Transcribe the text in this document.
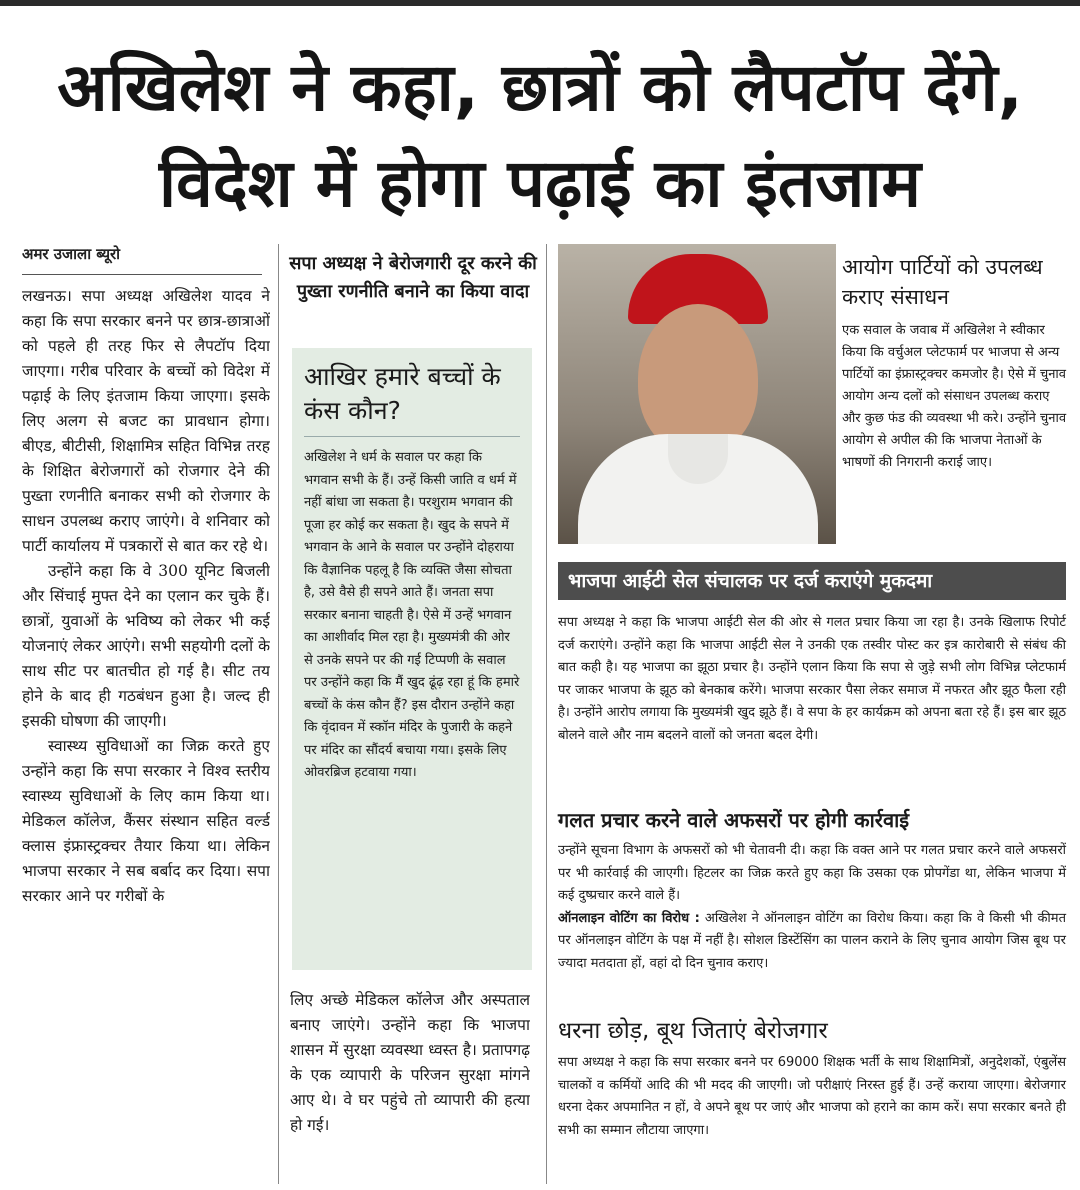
अखिलेश ने कहा, छात्रों को लैपटॉप देंगे, विदेश में होगा पढ़ाई का इंतजाम
अमर उजाला ब्यूरो

लखनऊ। सपा अध्यक्ष अखिलेश यादव ने कहा कि सपा सरकार बनने पर छात्र-छात्राओं को पहले ही तरह फिर से लैपटॉप दिया जाएगा। गरीब परिवार के बच्चों को विदेश में पढ़ाई के लिए इंतजाम किया जाएगा। इसके लिए अलग से बजट का प्रावधान होगा। बीएड, बीटीसी, शिक्षामित्र सहित विभिन्न तरह के शिक्षित बेरोजगारों को रोजगार देने की पुख्ता रणनीति बनाकर सभी को रोजगार के साधन उपलब्ध कराए जाएंगे। वे शनिवार को पार्टी कार्यालय में पत्रकारों से बात कर रहे थे।

उन्होंने कहा कि वे 300 यूनिट बिजली और सिंचाई मुफ्त देने का एलान कर चुके हैं। छात्रों, युवाओं के भविष्य को लेकर भी कई योजनाएं लेकर आएंगे। सभी सहयोगी दलों के साथ सीट पर बातचीत हो गई है। सीट तय होने के बाद ही गठबंधन हुआ है। जल्द ही इसकी घोषणा की जाएगी।

स्वास्थ्य सुविधाओं का जिक्र करते हुए उन्होंने कहा कि सपा सरकार ने विश्व स्तरीय स्वास्थ्य सुविधाओं के लिए काम किया था। मेडिकल कॉलेज, कैंसर संस्थान सहित वर्ल्ड क्लास इंफ्रास्ट्रक्चर तैयार किया था। लेकिन भाजपा सरकार ने सब बर्बाद कर दिया। सपा सरकार आने पर गरीबों के

सपा अध्यक्ष ने बेरोजगारी दूर करने की पुख्ता रणनीति बनाने का किया वादा
आखिर हमारे बच्चों के कंस कौन?
अखिलेश ने धर्म के सवाल पर कहा कि भगवान सभी के हैं। उन्हें किसी जाति व धर्म में नहीं बांधा जा सकता है। परशुराम भगवान की पूजा हर कोई कर सकता है। खुद के सपने में भगवान के आने के सवाल पर उन्होंने दोहराया कि वैज्ञानिक पहलू है कि व्यक्ति जैसा सोचता है, उसे वैसे ही सपने आते हैं। जनता सपा सरकार बनाना चाहती है। ऐसे में उन्हें भगवान का आशीर्वाद मिल रहा है। मुख्यमंत्री की ओर से उनके सपने पर की गई टिप्पणी के सवाल पर उन्होंने कहा कि मैं खुद ढूंढ़ रहा हूं कि हमारे बच्चों के कंस कौन हैं? इस दौरान उन्होंने कहा कि वृंदावन में स्कॉन मंदिर के पुजारी के कहने पर मंदिर का सौंदर्य बचाया गया। इसके लिए ओवरब्रिज हटवाया गया।

लिए अच्छे मेडिकल कॉलेज और अस्पताल बनाए जाएंगे। उन्होंने कहा कि भाजपा शासन में सुरक्षा व्यवस्था ध्वस्त है। प्रतापगढ़ के एक व्यापारी के परिजन सुरक्षा मांगने आए थे। वे घर पहुंचे तो व्यापारी की हत्या हो गई।

आयोग पार्टियों को उपलब्ध कराए संसाधन
एक सवाल के जवाब में अखिलेश ने स्वीकार किया कि वर्चुअल प्लेटफार्म पर भाजपा से अन्य पार्टियों का इंफ्रास्ट्रक्चर कमजोर है। ऐसे में चुनाव आयोग अन्य दलों को संसाधन उपलब्ध कराए और कुछ फंड की व्यवस्था भी करे। उन्होंने चुनाव आयोग से अपील की कि भाजपा नेताओं के भाषणों की निगरानी कराई जाए।
भाजपा आईटी सेल संचालक पर दर्ज कराएंगे मुकदमा
सपा अध्यक्ष ने कहा कि भाजपा आईटी सेल की ओर से गलत प्रचार किया जा रहा है। उनके खिलाफ रिपोर्ट दर्ज कराएंगे। उन्होंने कहा कि भाजपा आईटी सेल ने उनकी एक तस्वीर पोस्ट कर इत्र कारोबारी से संबंध की बात कही है। यह भाजपा का झूठा प्रचार है। उन्होंने एलान किया कि सपा से जुड़े सभी लोग विभिन्न प्लेटफार्म पर जाकर भाजपा के झूठ को बेनकाब करेंगे। भाजपा सरकार पैसा लेकर समाज में नफरत और झूठ फैला रही है। उन्होंने आरोप लगाया कि मुख्यमंत्री खुद झूठे हैं। वे सपा के हर कार्यक्रम को अपना बता रहे हैं। इस बार झूठ बोलने वाले और नाम बदलने वालों को जनता बदल देगी।
गलत प्रचार करने वाले अफसरों पर होगी कार्रवाई
उन्होंने सूचना विभाग के अफसरों को भी चेतावनी दी। कहा कि वक्त आने पर गलत प्रचार करने वाले अफसरों पर भी कार्रवाई की जाएगी। हिटलर का जिक्र करते हुए कहा कि उसका एक प्रोपगेंडा था, लेकिन भाजपा में कई दुष्प्रचार करने वाले हैं।
ऑनलाइन वोटिंग का विरोध : अखिलेश ने ऑनलाइन वोटिंग का विरोध किया। कहा कि वे किसी भी कीमत पर ऑनलाइन वोटिंग के पक्ष में नहीं है। सोशल डिस्टेंसिंग का पालन कराने के लिए चुनाव आयोग जिस बूथ पर ज्यादा मतदाता हों, वहां दो दिन चुनाव कराए।
धरना छोड़, बूथ जिताएं बेरोजगार
सपा अध्यक्ष ने कहा कि सपा सरकार बनने पर 69000 शिक्षक भर्ती के साथ शिक्षामित्रों, अनुदेशकों, एंबुलेंस चालकों व कर्मियों आदि की भी मदद की जाएगी। जो परीक्षाएं निरस्त हुई हैं। उन्हें कराया जाएगा। बेरोजगार धरना देकर अपमानित न हों, वे अपने बूथ पर जाएं और भाजपा को हराने का काम करें। सपा सरकार बनते ही सभी का सम्मान लौटाया जाएगा।
